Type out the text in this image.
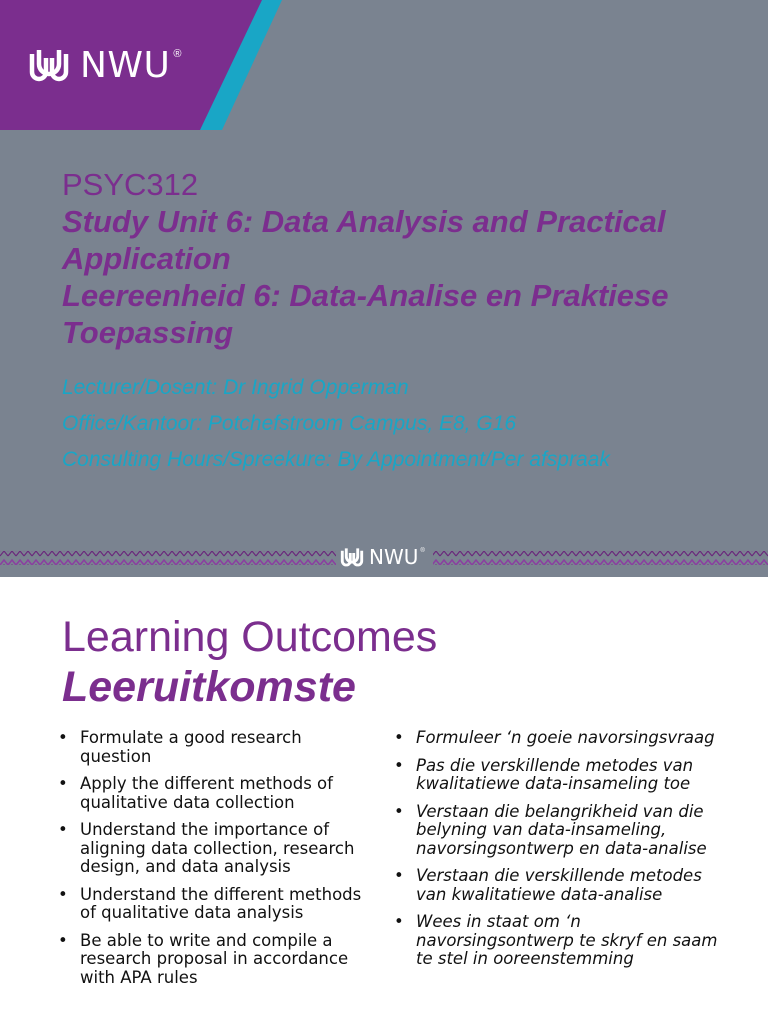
NWU ®

PSYC312

Study Unit 6: Data Analysis and Practical

Application

Leereenheid 6: Data-Analise en Praktiese

Toepassing

Lecturer/Dosent: Dr Ingrid Opperman

Office/Kantoor: Potchefstroom Campus, E8, G16

Consulting Hours/Spreekure: By Appointment/Per afspraak

NWU ®
Learning Outcomes
Leeruitkomste
• Formulate a good research question
• Apply the different methods of qualitative data collection
• Understand the importance of aligning data collection, research design, and data analysis
• Understand the different methods of qualitative data analysis
• Be able to write and compile a research proposal in accordance with APA rules
• Formuleer ‘n goeie navorsingsvraag
• Pas die verskillende metodes van kwalitatiewe data-insameling toe
• Verstaan die belangrikheid van die belyning van data-insameling, navorsingsontwerp en data-analise
• Verstaan die verskillende metodes van kwalitatiewe data-analise
• Wees in staat om ‘n navorsingsontwerp te skryf en saam te stel in ooreenstemming
